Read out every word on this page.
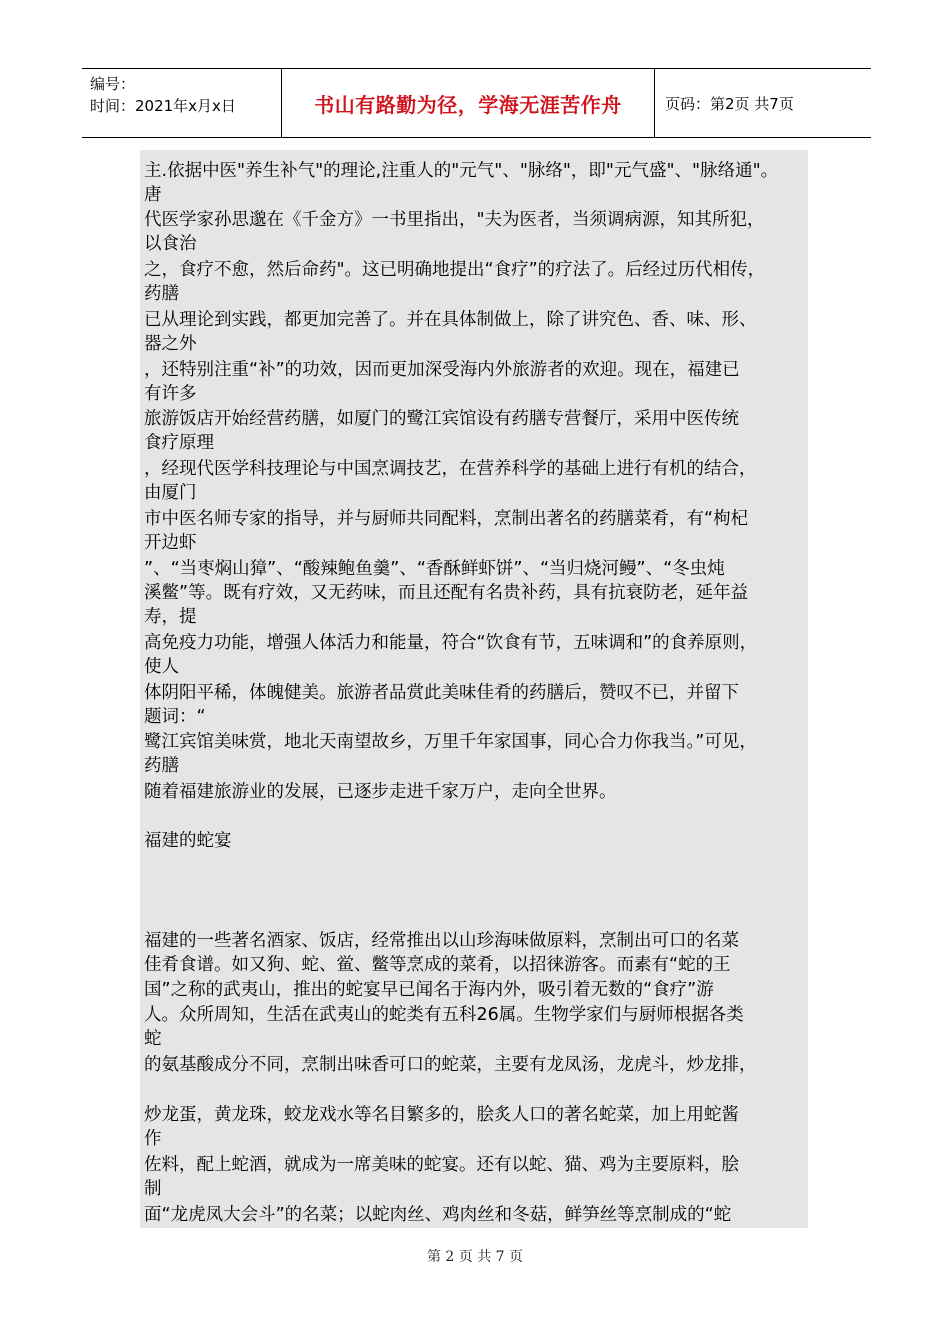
编号：
时间：2021年x月x日	书山有路勤为径，学海无涯苦作舟	页码：第2页 共7页
主.依据中医"养生补气"的理论,注重人的"元气"、"脉络"，即"元气盛"、"脉络通"。
唐
代医学家孙思邈在《千金方》一书里指出，"夫为医者，当须调病源，知其所犯，
以食治
之，食疗不愈，然后命药"。这已明确地提出“食疗”的疗法了。后经过历代相传，
药膳
已从理论到实践，都更加完善了。并在具体制做上，除了讲究色、香、味、形、
器之外
，还特别注重“补”的功效，因而更加深受海内外旅游者的欢迎。现在，福建已
有许多
旅游饭店开始经营药膳，如厦门的鹭江宾馆设有药膳专营餐厅，采用中医传统
食疗原理
，经现代医学科技理论与中国烹调技艺，在营养科学的基础上进行有机的结合，
由厦门
市中医名师专家的指导，并与厨师共同配料，烹制出著名的药膳菜肴，有“枸杞
开边虾
”、“当枣焖山獐”、“酸辣鲍鱼羹”、“香酥鲜虾饼”、“当归烧河鳗”、“冬虫炖
溪鳖”等。既有疗效，又无药味，而且还配有名贵补药，具有抗衰防老，延年益
寿，提
高免疫力功能，增强人体活力和能量，符合“饮食有节，五味调和”的食养原则，
使人
体阴阳平稀，体魄健美。旅游者品赏此美味佳肴的药膳后，赞叹不已，并留下
题词：“
鹭江宾馆美味赏，地北天南望故乡，万里千年家国事，同心合力你我当。”可见，
药膳
随着福建旅游业的发展，已逐步走进千家万户，走向全世界。
福建的蛇宴
福建的一些著名酒家、饭店，经常推出以山珍海味做原料，烹制出可口的名菜
佳肴食谱。如又狗、蛇、鲎、鳖等烹成的菜肴，以招徕游客。而素有“蛇的王
国”之称的武夷山，推出的蛇宴早已闻名于海内外，吸引着无数的“食疗”游
人。众所周知，生活在武夷山的蛇类有五科26属。生物学家们与厨师根据各类
蛇
的氨基酸成分不同，烹制出味香可口的蛇菜，主要有龙凤汤，龙虎斗，炒龙排，
炒龙蛋，黄龙珠，蛟龙戏水等名目繁多的，脍炙人口的著名蛇菜，加上用蛇酱
作
佐料，配上蛇酒，就成为一席美味的蛇宴。还有以蛇、猫、鸡为主要原料，脍
制
面“龙虎凤大会斗”的名菜；以蛇肉丝、鸡肉丝和冬菇，鲜笋丝等烹制成的“蛇
第 2 页 共 7 页
